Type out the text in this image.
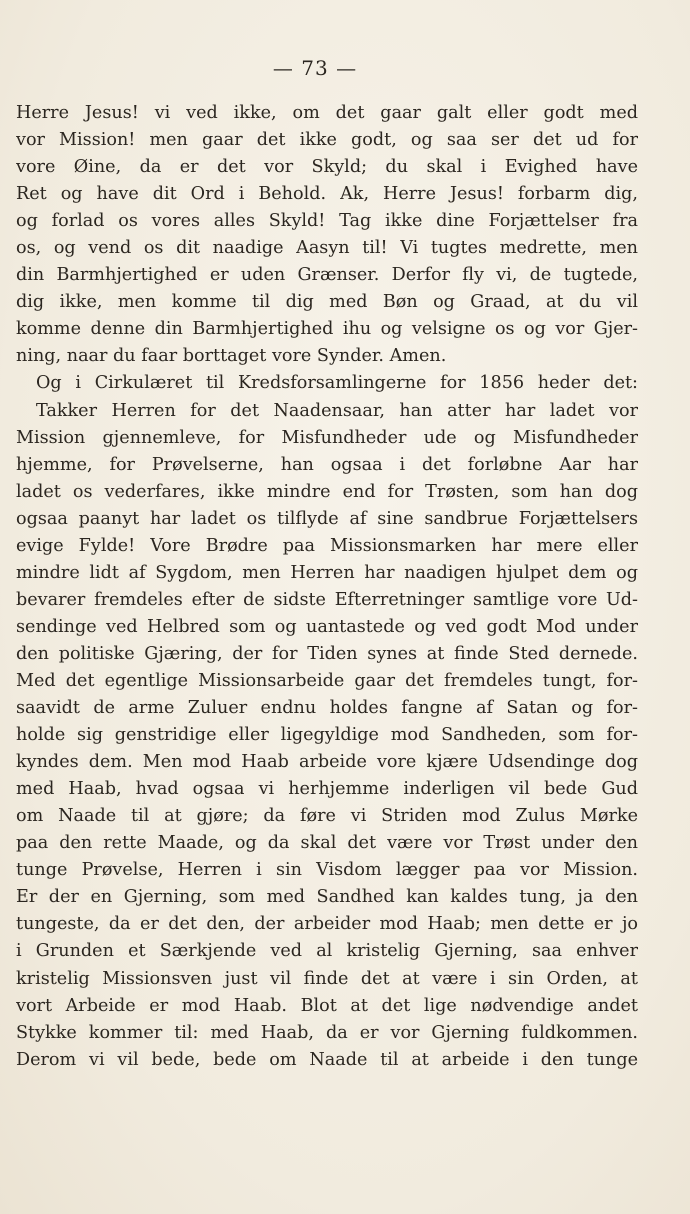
— 73 —
Herre Jesus! vi ved ikke, om det gaar galt eller godt med
vor Mission! men gaar det ikke godt, og saa ser det ud for
vore Øine, da er det vor Skyld; du skal i Evighed have
Ret og have dit Ord i Behold. Ak, Herre Jesus! forbarm dig,
og forlad os vores alles Skyld! Tag ikke dine Forjættelser fra
os, og vend os dit naadige Aasyn til! Vi tugtes medrette, men
din Barmhjertighed er uden Grænser. Derfor fly vi, de tugtede,
dig ikke, men komme til dig med Bøn og Graad, at du vil
komme denne din Barmhjertighed ihu og velsigne os og vor Gjer-
ning, naar du faar borttaget vore Synder. Amen.
Og i Cirkulæret til Kredsforsamlingerne for 1856 heder det:
Takker Herren for det Naadensaar, han atter har ladet vor
Mission gjennemleve, for Misfundheder ude og Misfundheder
hjemme, for Prøvelserne, han ogsaa i det forløbne Aar har
ladet os vederfares, ikke mindre end for Trøsten, som han dog
ogsaa paanyt har ladet os tilflyde af sine sandbrue Forjættelsers
evige Fylde! Vore Brødre paa Missionsmarken har mere eller
mindre lidt af Sygdom, men Herren har naadigen hjulpet dem og
bevarer fremdeles efter de sidste Efterretninger samtlige vore Ud-
sendinge ved Helbred som og uantastede og ved godt Mod under
den politiske Gjæring, der for Tiden synes at finde Sted dernede.
Med det egentlige Missionsarbeide gaar det fremdeles tungt, for-
saavidt de arme Zuluer endnu holdes fangne af Satan og for-
holde sig genstridige eller ligegyldige mod Sandheden, som for-
kyndes dem. Men mod Haab arbeide vore kjære Udsendinge dog
med Haab, hvad ogsaa vi herhjemme inderligen vil bede Gud
om Naade til at gjøre; da føre vi Striden mod Zulus Mørke
paa den rette Maade, og da skal det være vor Trøst under den
tunge Prøvelse, Herren i sin Visdom lægger paa vor Mission.
Er der en Gjerning, som med Sandhed kan kaldes tung, ja den
tungeste, da er det den, der arbeider mod Haab; men dette er jo
i Grunden et Særkjende ved al kristelig Gjerning, saa enhver
kristelig Missionsven just vil finde det at være i sin Orden, at
vort Arbeide er mod Haab. Blot at det lige nødvendige andet
Stykke kommer til: med Haab, da er vor Gjerning fuldkommen.
Derom vi vil bede, bede om Naade til at arbeide i den tunge
